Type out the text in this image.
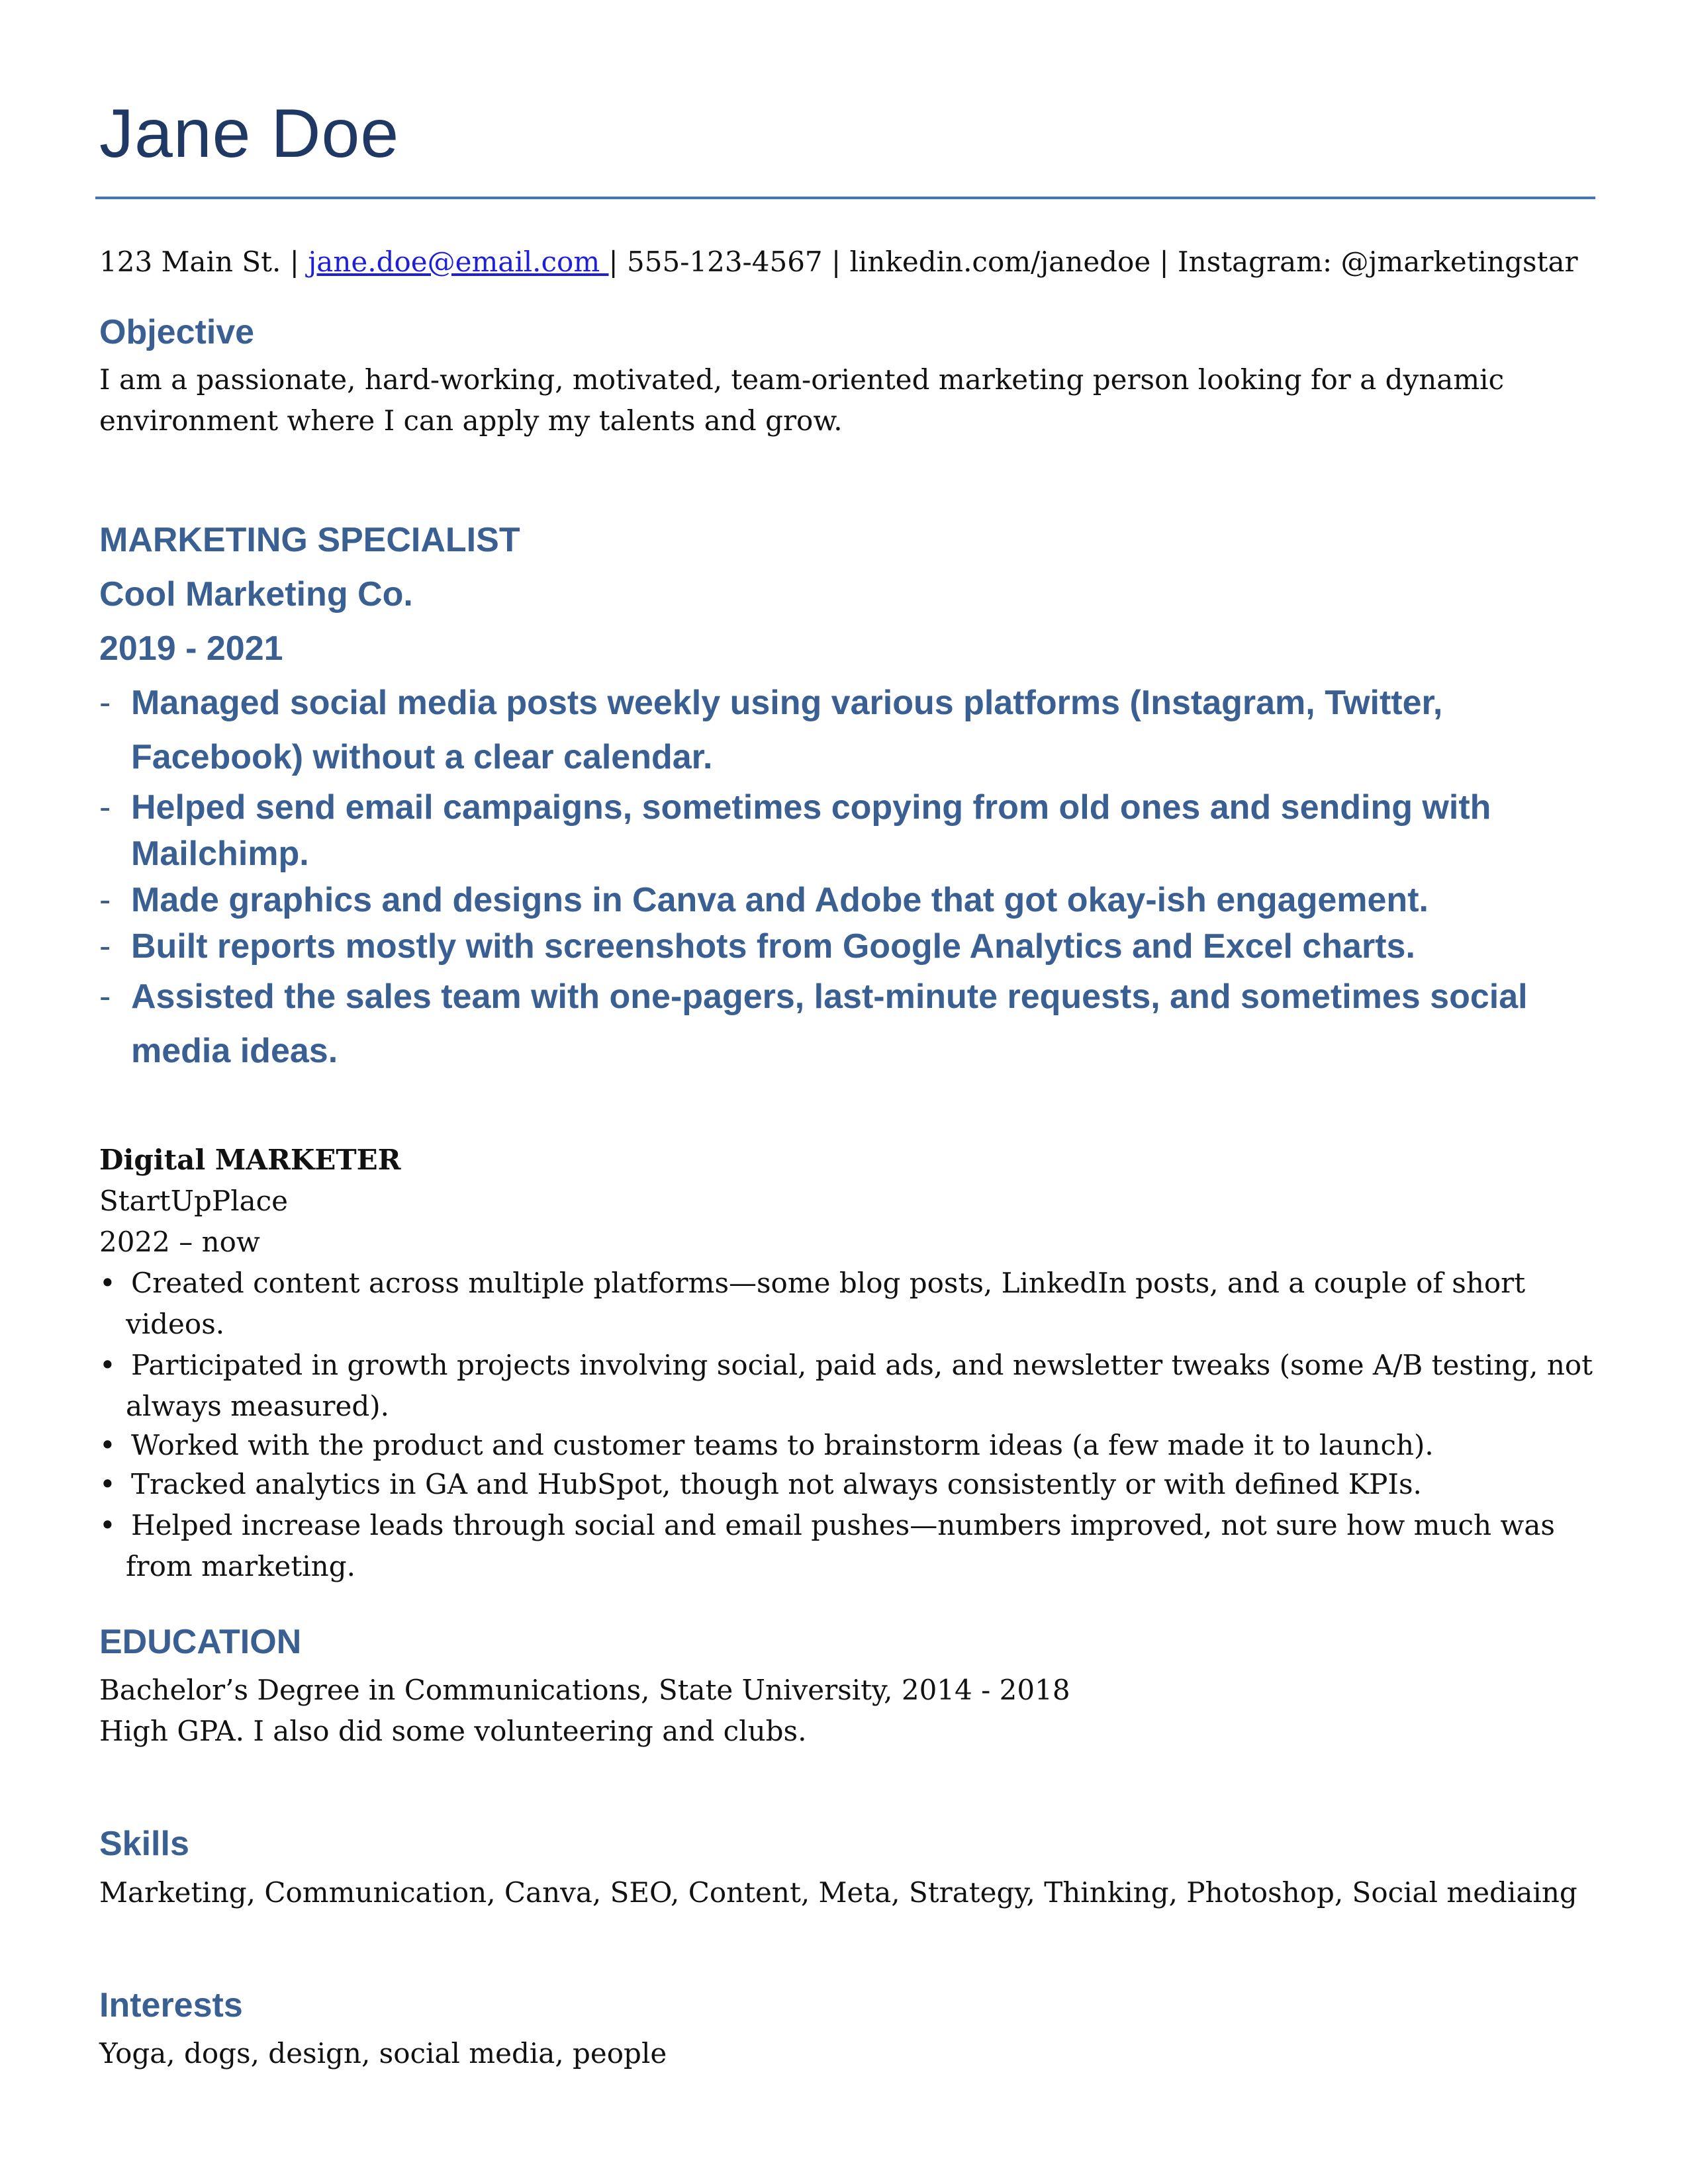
Jane Doe
123 Main St. | jane.doe@email.com | 555-123-4567 | linkedin.com/janedoe | Instagram: @jmarketingstar
Objective
I am a passionate, hard-working, motivated, team-oriented marketing person looking for a dynamic environment where I can apply my talents and grow.
MARKETING SPECIALIST
Cool Marketing Co.
2019 - 2021
- Managed social media posts weekly using various platforms (Instagram, Twitter, Facebook) without a clear calendar.
- Helped send email campaigns, sometimes copying from old ones and sending with Mailchimp.
- Made graphics and designs in Canva and Adobe that got okay-ish engagement.
- Built reports mostly with screenshots from Google Analytics and Excel charts.
- Assisted the sales team with one-pagers, last-minute requests, and sometimes social media ideas.
Digital MARKETER
StartUpPlace
2022 – now
• Created content across multiple platforms—some blog posts, LinkedIn posts, and a couple of short videos.
• Participated in growth projects involving social, paid ads, and newsletter tweaks (some A/B testing, not always measured).
• Worked with the product and customer teams to brainstorm ideas (a few made it to launch).
• Tracked analytics in GA and HubSpot, though not always consistently or with defined KPIs.
• Helped increase leads through social and email pushes—numbers improved, not sure how much was from marketing.
EDUCATION
Bachelor’s Degree in Communications, State University, 2014 - 2018
High GPA. I also did some volunteering and clubs.
Skills
Marketing, Communication, Canva, SEO, Content, Meta, Strategy, Thinking, Photoshop, Social mediaing
Interests
Yoga, dogs, design, social media, people
